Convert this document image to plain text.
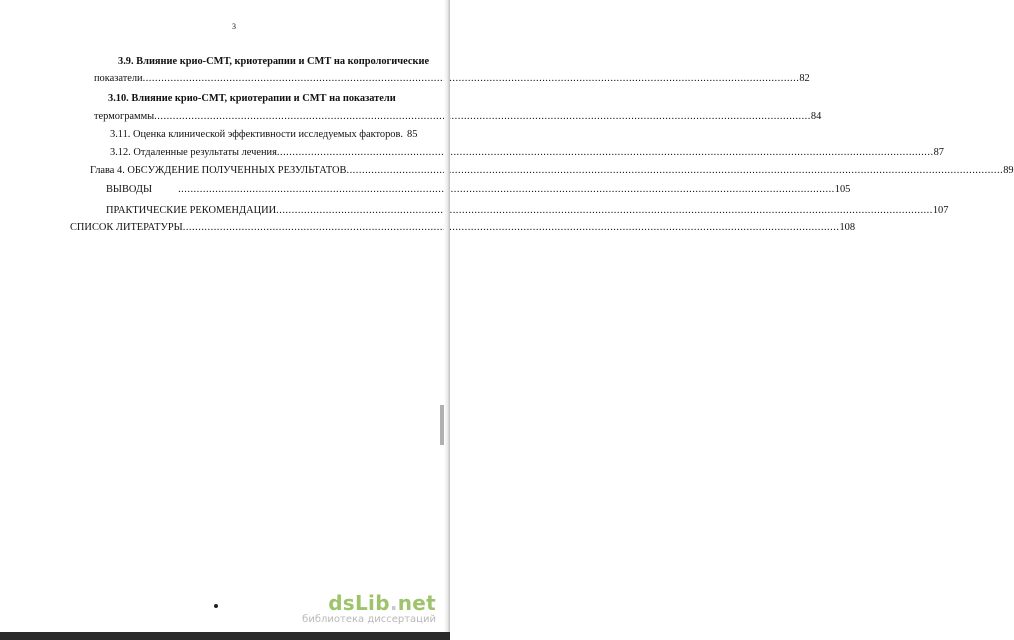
3
3.9. Влияние крио-СМТ, криотерапии и СМТ на копрологические
показатели .....	82
3.10. Влияние крио-СМТ, криотерапии и СМТ на показатели
термограммы .....	84
3.11. Оценка клинической эффективности исследуемых факторов. 85
3.12. Отдаленные результаты лечения .....	87
Глава 4. ОБСУЖДЕНИЕ ПОЛУЧЕННЫХ РЕЗУЛЬТАТОВ .....	89
ВЫВОДЫ .....	105
ПРАКТИЧЕСКИЕ РЕКОМЕНДАЦИИ .....	107
СПИСОК ЛИТЕРАТУРЫ .....	108
dsLib.net
библиотека диссертаций
